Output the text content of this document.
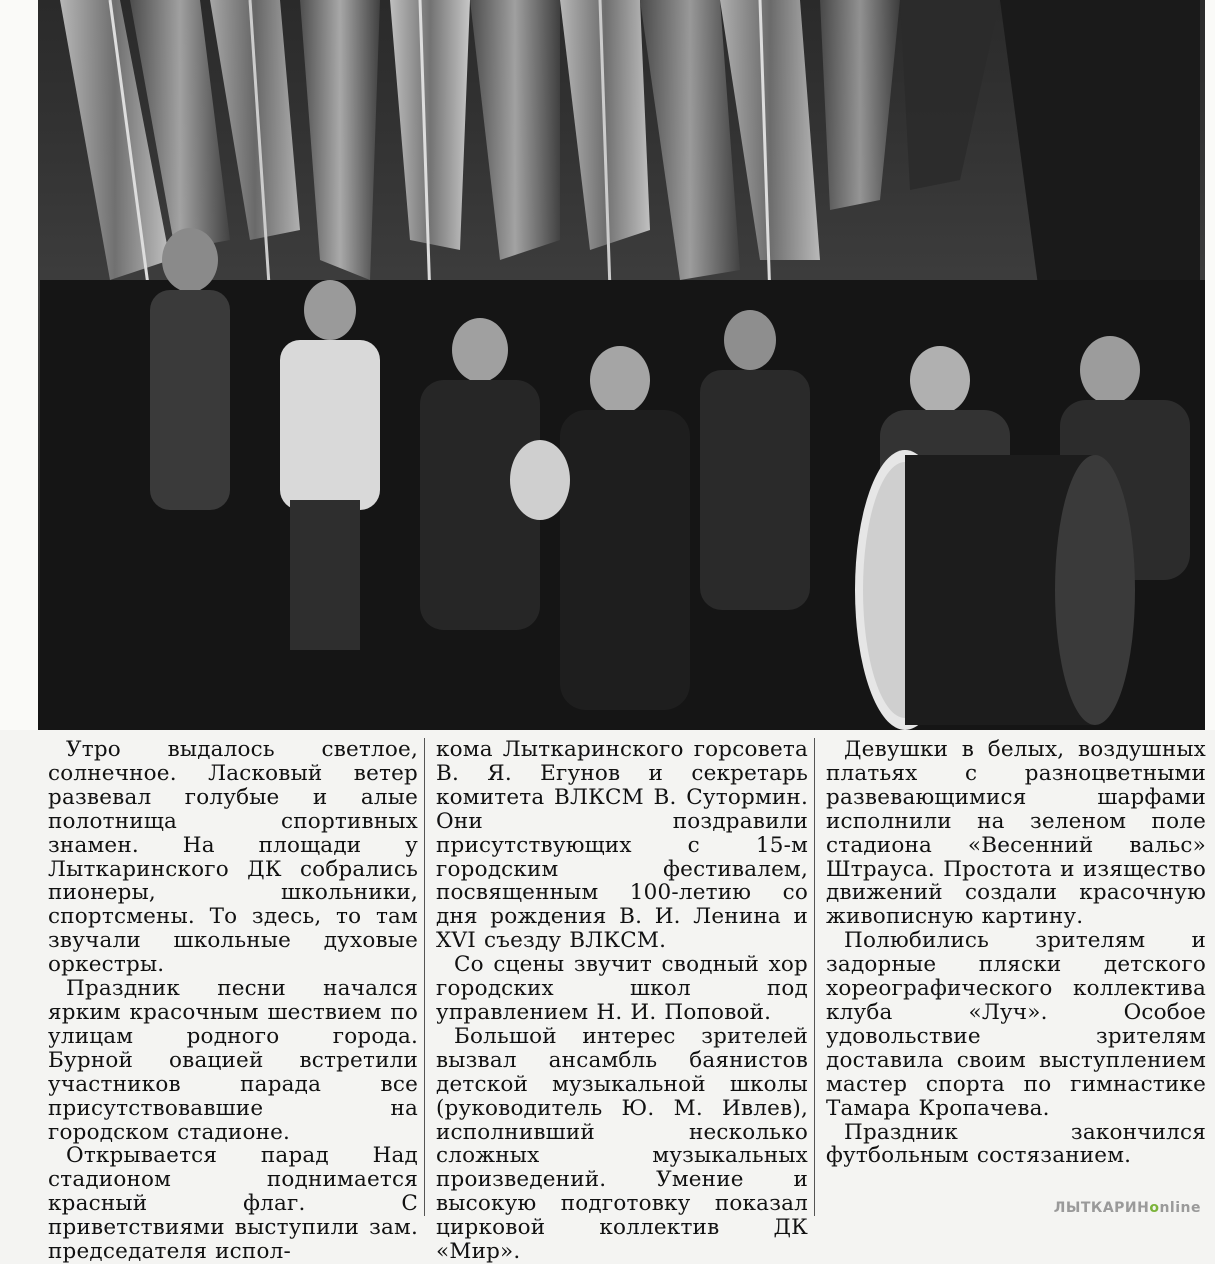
Утро выдалось светлое, солнечное. Ласковый ветер развевал голубые и алые полотнища спортивных знамен. На площади у Лыткаринского ДК собрались пионеры, школьники, спортсмены. То здесь, то там звучали школьные духовые оркестры.

Праздник песни начался ярким красочным шествием по улицам родного города. Бурной овацией встретили участников парада все присутствовавшие на городском стадионе.

Открывается парад Над стадионом поднимается красный флаг. С приветствиями выступили зам. председателя испол-

кома Лыткаринского горсовета В. Я. Егунов и секретарь комитета ВЛКСМ В. Сутормин. Они поздравили присутствующих с 15-м городским фестивалем, посвященным 100-летию со дня рождения В. И. Ленина и XVI съезду ВЛКСМ.

Со сцены звучит сводный хор городских школ под управлением Н. И. Поповой.

Большой интерес зрителей вызвал ансамбль баянистов детской музыкальной школы (руководитель Ю. М. Ивлев), исполнивший несколько сложных музыкальных произведений. Умение и высокую подготовку показал цирковой коллектив ДК «Мир».

Девушки в белых, воздушных платьях с разноцветными развевающимися шарфами исполнили на зеленом поле стадиона «Весенний вальс» Штрауса. Простота и изящество движений создали красочную живописную картину.

Полюбились зрителям и задорные пляски детского хореографического коллектива клуба «Луч». Особое удовольствие зрителям доставила своим выступлением мастер спорта по гимнастике Тамара Кропачева.

Праздник закончился футбольным состязанием.

ЛЫТКАРИНonline
